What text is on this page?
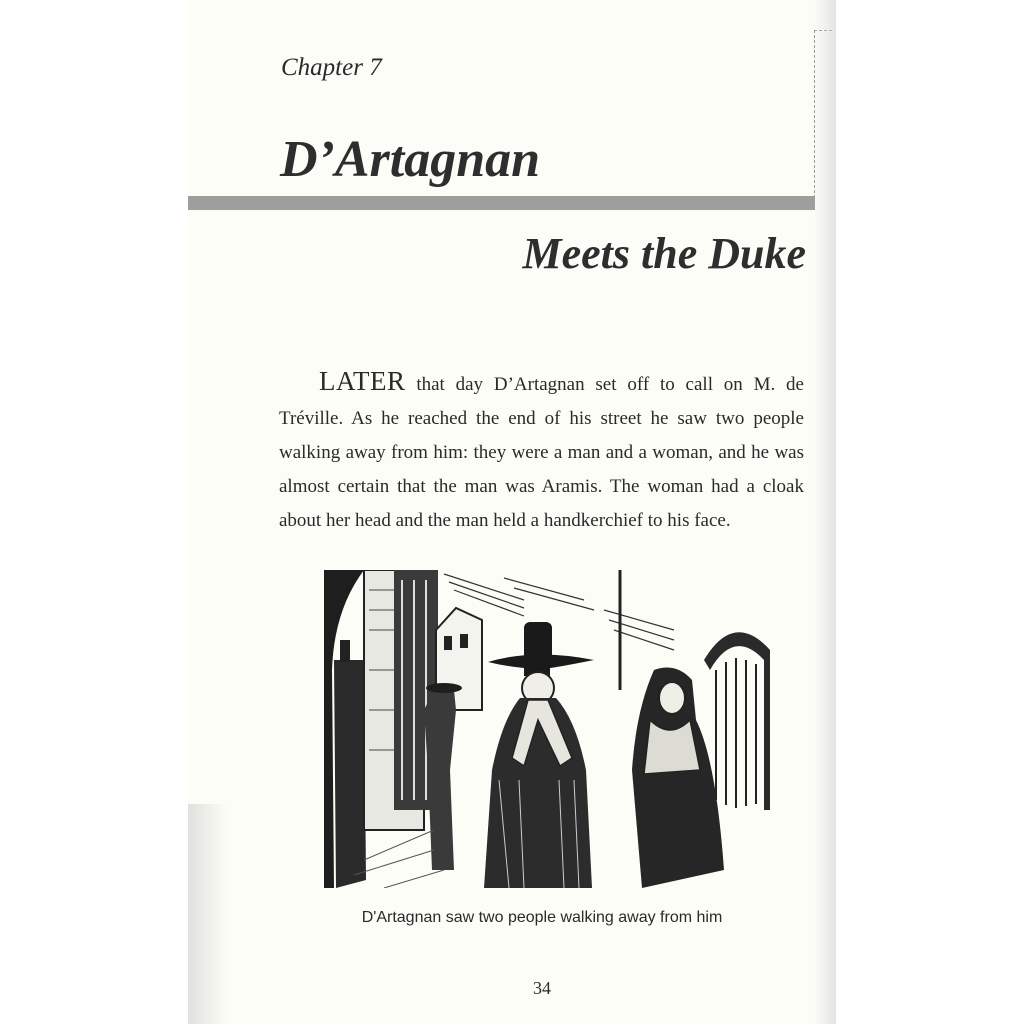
Chapter 7

D’Artagnan
Meets the Duke

LATER that day D’Artagnan set off to call on M. de Tréville. As he reached the end of his street he saw two people walking away from him: they were a man and a woman, and he was almost certain that the man was Aramis. The woman had a cloak about her head and the man held a handkerchief to his face.

D'Artagnan saw two people walking away from him

34
